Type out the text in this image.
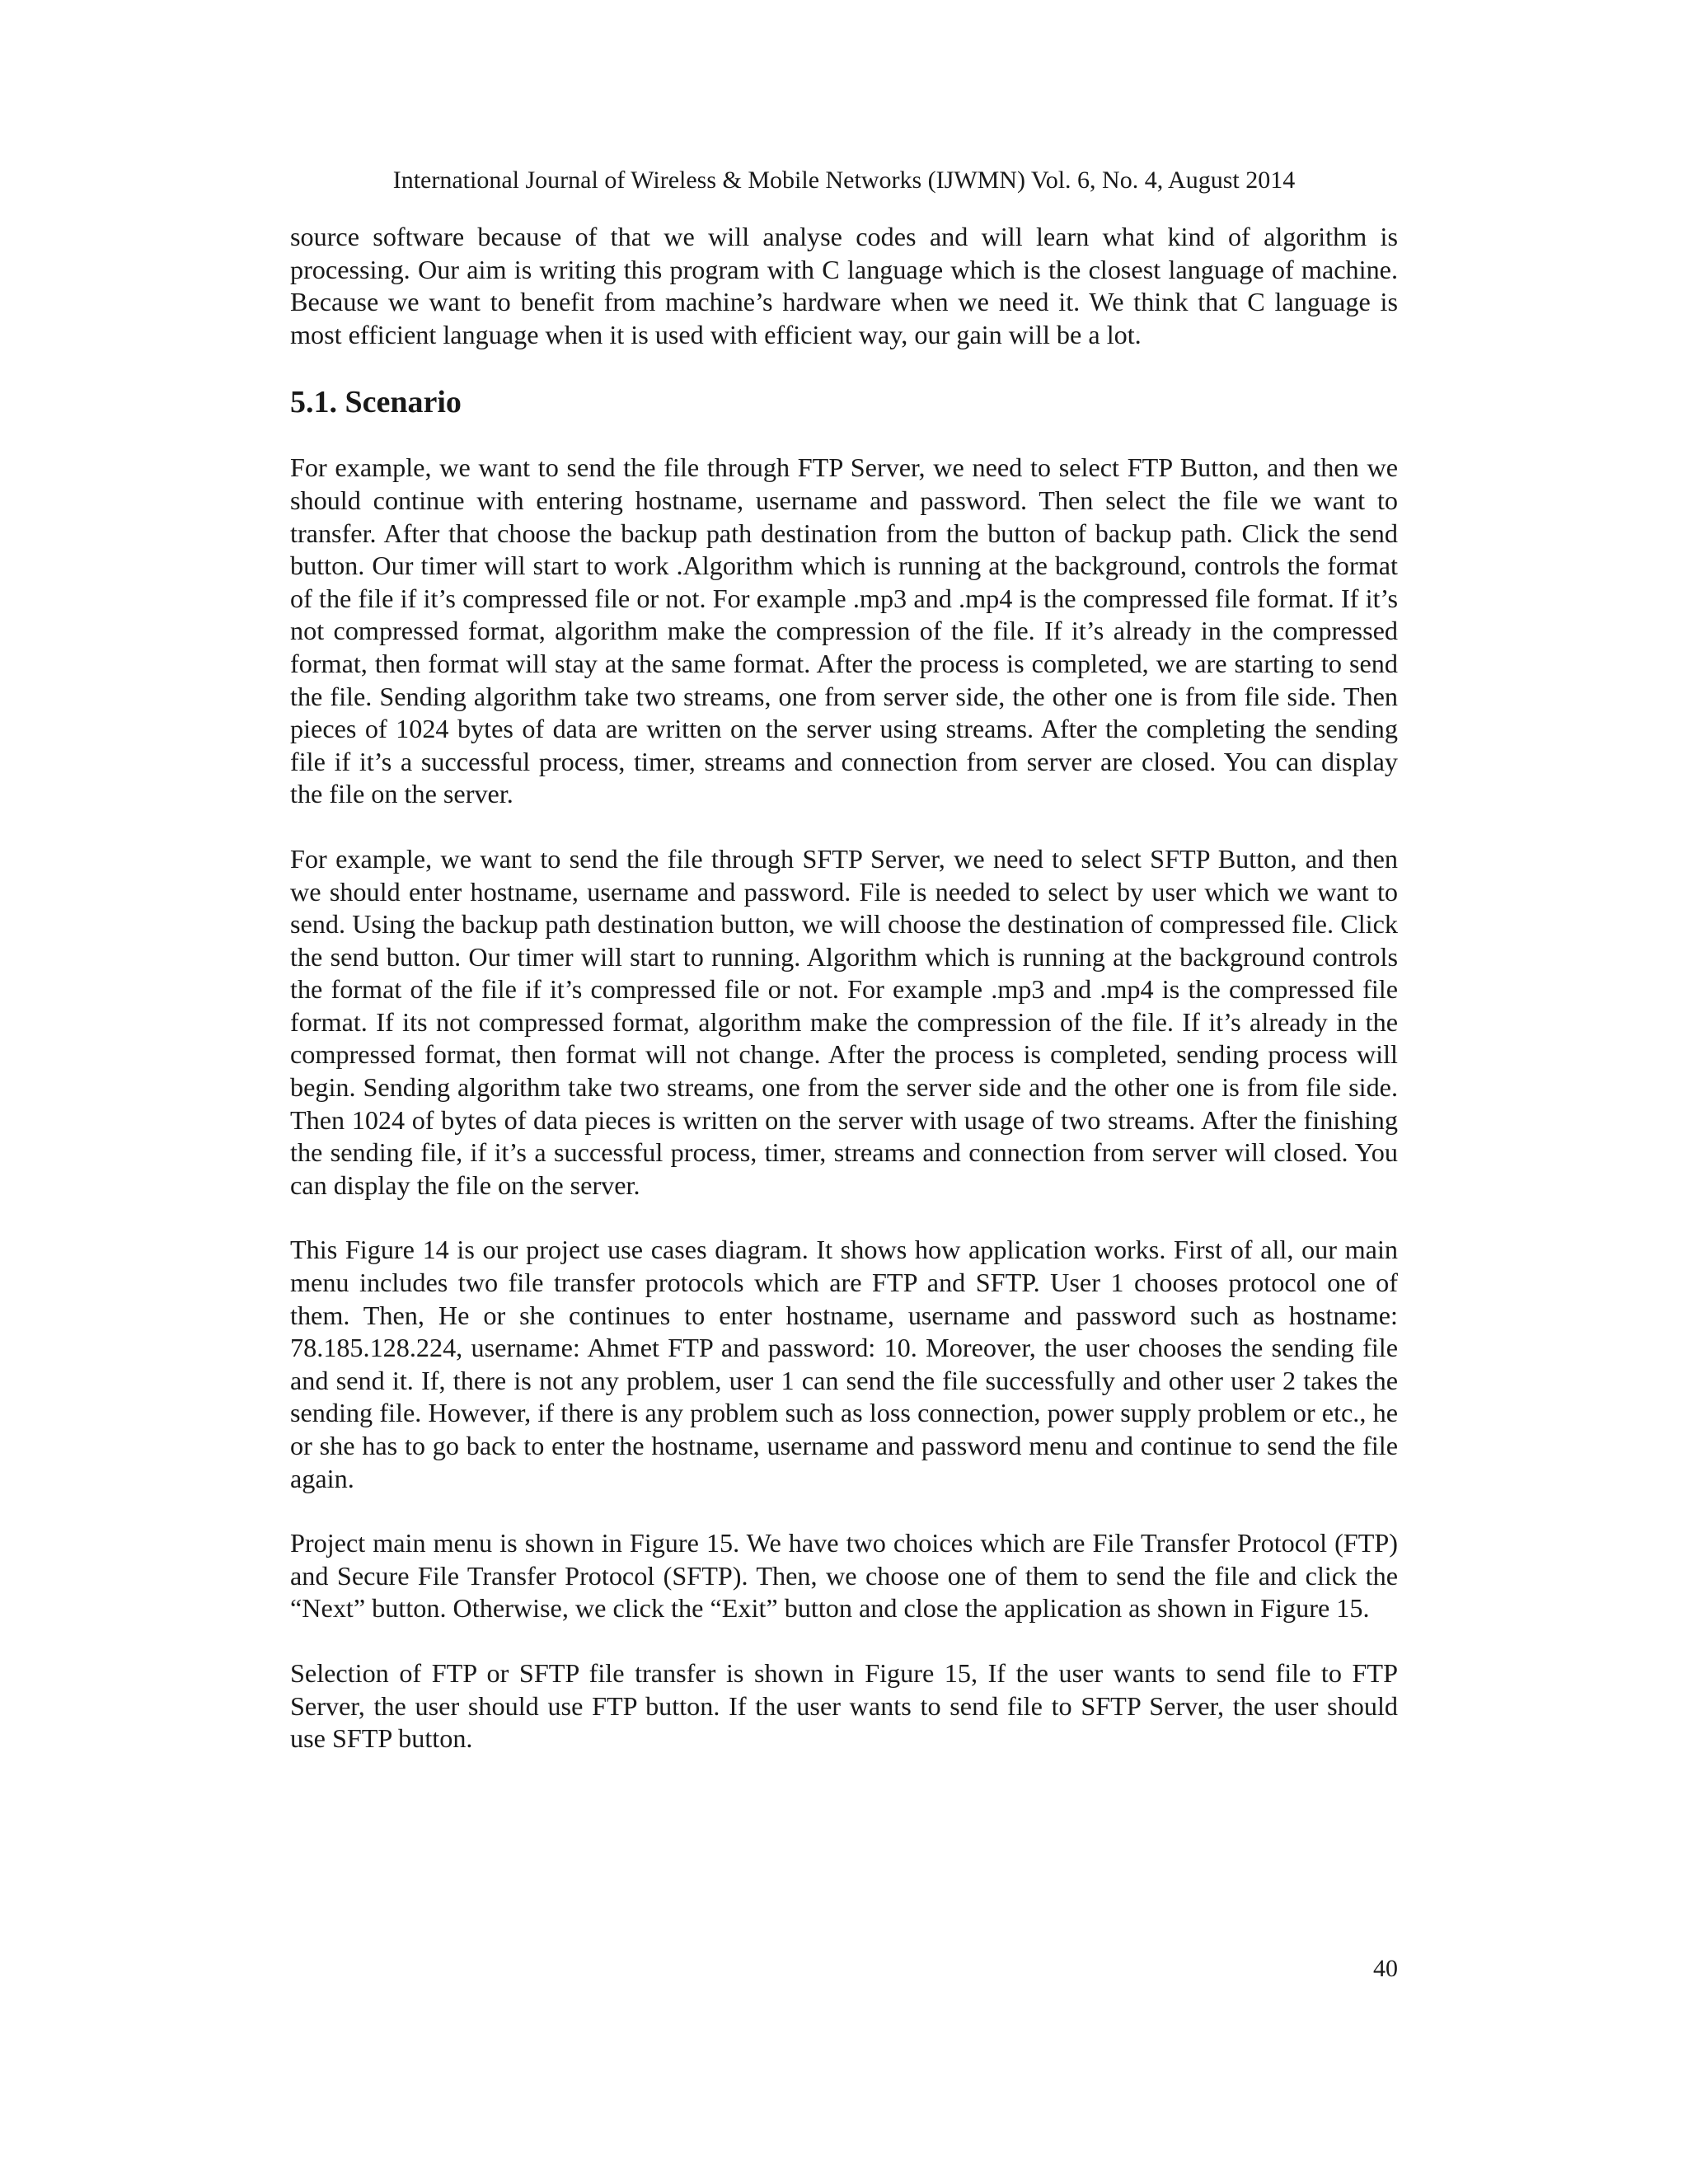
International Journal of Wireless & Mobile Networks (IJWMN) Vol. 6, No. 4, August 2014

source software because of that we will analyse codes and will learn what kind of algorithm is processing. Our aim is writing this program with C language which is the closest language of machine. Because we want to benefit from machine’s hardware when we need it. We think that C language is most efficient language when it is used with efficient way, our gain will be a lot.

5.1. Scenario

For example, we want to send the file through FTP Server, we need to select FTP Button, and then we should continue with entering hostname, username and password. Then select the file we want to transfer. After that choose the backup path destination from the button of backup path. Click the send button. Our timer will start to work .Algorithm which is running at the background, controls the format of the file if it’s compressed file or not. For example .mp3 and .mp4 is the compressed file format. If it’s not compressed format, algorithm make the compression of the file. If it’s already in the compressed format, then format will stay at the same format. After the process is completed, we are starting to send the file. Sending algorithm take two streams, one from server side, the other one is from file side. Then pieces of 1024 bytes of data are written on the server using streams. After the completing the sending file if it’s a successful process, timer, streams and connection from server are closed. You can display the file on the server.

For example, we want to send the file through SFTP Server, we need to select SFTP Button, and then we should enter hostname, username and password. File is needed to select by user which we want to send. Using the backup path destination button, we will choose the destination of compressed file. Click the send button. Our timer will start to running. Algorithm which is running at the background controls the format of the file if it’s compressed file or not. For example .mp3 and .mp4 is the compressed file format. If its not compressed format, algorithm make the compression of the file. If it’s already in the compressed format, then format will not change. After the process is completed, sending process will begin. Sending algorithm take two streams, one from the server side and the other one is from file side. Then 1024 of bytes of data pieces is written on the server with usage of two streams. After the finishing the sending file, if it’s a successful process, timer, streams and connection from server will closed. You can display the file on the server.

This Figure 14 is our project use cases diagram. It shows how application works. First of all, our main menu includes two file transfer protocols which are FTP and SFTP. User 1 chooses protocol one of them. Then, He or she continues to enter hostname, username and password such as hostname: 78.185.128.224, username: Ahmet FTP and password: 10. Moreover, the user chooses the sending file and send it. If, there is not any problem, user 1 can send the file successfully and other user 2 takes the sending file. However, if there is any problem such as loss connection, power supply problem or etc., he or she has to go back to enter the hostname, username and password menu and continue to send the file again.

Project main menu is shown in Figure 15. We have two choices which are File Transfer Protocol (FTP) and Secure File Transfer Protocol (SFTP). Then, we choose one of them to send the file and click the “Next” button. Otherwise, we click the “Exit” button and close the application as shown in Figure 15.

Selection of FTP or SFTP file transfer is shown in Figure 15, If the user wants to send file to FTP Server, the user should use FTP button. If the user wants to send file to SFTP Server, the user should use SFTP button.

40
